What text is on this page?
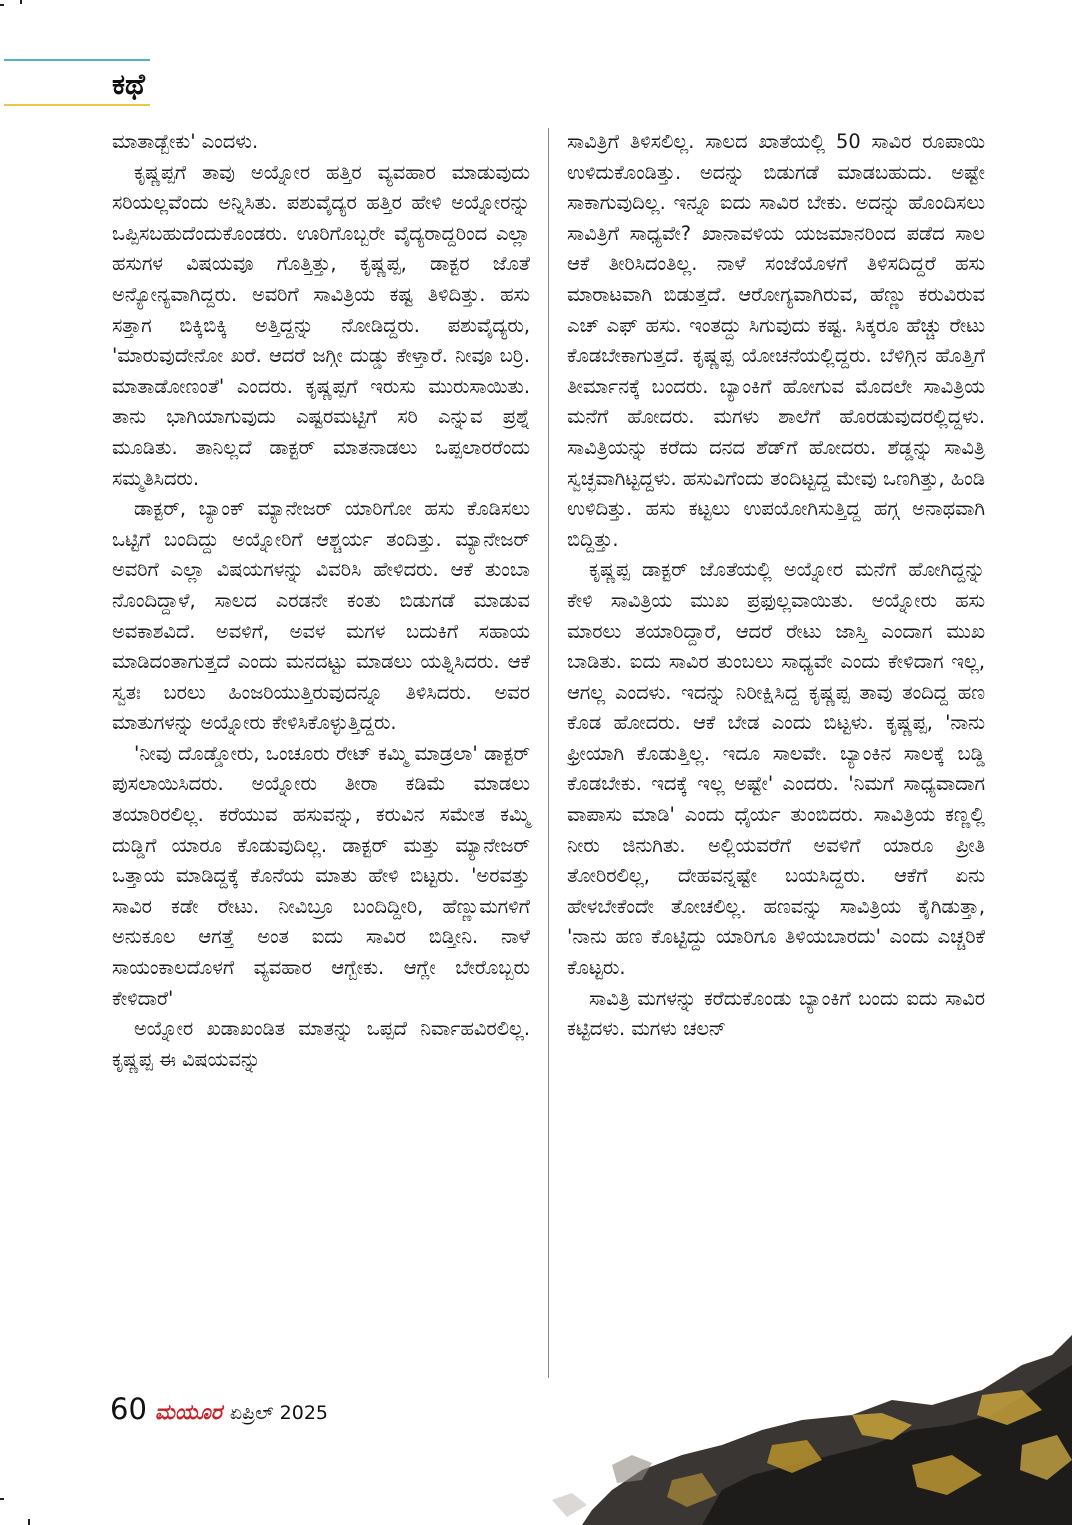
ಕಥೆ

ಮಾತಾಡ್ಬೇಕು' ಎಂದಳು.

ಕೃಷ್ಣಪ್ಪಗೆ ತಾವು ಅಯ್ನೋರ ಹತ್ತಿರ ವ್ಯವಹಾರ ಮಾಡುವುದು ಸರಿಯಲ್ಲವೆಂದು ಅನ್ನಿಸಿತು. ಪಶುವೈದ್ಯರ ಹತ್ತಿರ ಹೇಳಿ ಅಯ್ನೋರನ್ನು ಒಪ್ಪಿಸಬಹುದೆಂದುಕೊಂಡರು. ಊರಿಗೊಬ್ಬರೇ ವೈದ್ಯರಾದ್ದರಿಂದ ಎಲ್ಲಾ ಹಸುಗಳ ವಿಷಯವೂ ಗೊತ್ತಿತ್ತು, ಕೃಷ್ಣಪ್ಪ, ಡಾಕ್ಟರ ಜೊತೆ ಅನ್ಯೋನ್ಯವಾಗಿದ್ದರು. ಅವರಿಗೆ ಸಾವಿತ್ರಿಯ ಕಷ್ಟ ತಿಳಿದಿತ್ತು. ಹಸು ಸತ್ತಾಗ ಬಿಕ್ಕಿಬಿಕ್ಕಿ ಅತ್ತಿದ್ದನ್ನು ನೋಡಿದ್ದರು. ಪಶುವೈದ್ಯರು, 'ಮಾರುವುದೇನೋ ಖರೆ. ಆದರೆ ಜಗ್ಗೀ ದುಡ್ಡು ಕೇಳ್ತಾರೆ. ನೀವೂ ಬರ್ರಿ. ಮಾತಾಡೋಣಂತೆ' ಎಂದರು. ಕೃಷ್ಣಪ್ಪಗೆ ಇರುಸು ಮುರುಸಾಯಿತು. ತಾನು ಭಾಗಿಯಾಗುವುದು ಎಷ್ಟರಮಟ್ಟಿಗೆ ಸರಿ ಎನ್ನುವ ಪ್ರಶ್ನೆ ಮೂಡಿತು. ತಾನಿಲ್ಲದೆ ಡಾಕ್ಟರ್ ಮಾತನಾಡಲು ಒಪ್ಪಲಾರರೆಂದು ಸಮ್ಮತಿಸಿದರು.

ಡಾಕ್ಟರ್, ಬ್ಯಾಂಕ್ ಮ್ಯಾನೇಜರ್ ಯಾರಿಗೋ ಹಸು ಕೊಡಿಸಲು ಒಟ್ಟಿಗೆ ಬಂದಿದ್ದು ಅಯ್ನೋರಿಗೆ ಆಶ್ಚರ್ಯ ತಂದಿತ್ತು. ಮ್ಯಾನೇಜರ್ ಅವರಿಗೆ ಎಲ್ಲಾ ವಿಷಯಗಳನ್ನು ವಿವರಿಸಿ ಹೇಳಿದರು. ಆಕೆ ತುಂಬಾ ನೊಂದಿದ್ದಾಳೆ, ಸಾಲದ ಎರಡನೇ ಕಂತು ಬಿಡುಗಡೆ ಮಾಡುವ ಅವಕಾಶವಿದೆ. ಅವಳಿಗೆ, ಅವಳ ಮಗಳ ಬದುಕಿಗೆ ಸಹಾಯ ಮಾಡಿದಂತಾಗುತ್ತದೆ ಎಂದು ಮನದಟ್ಟು ಮಾಡಲು ಯತ್ನಿಸಿದರು. ಆಕೆ ಸ್ವತಃ ಬರಲು ಹಿಂಜರಿಯುತ್ತಿರುವುದನ್ನೂ ತಿಳಿಸಿದರು. ಅವರ ಮಾತುಗಳನ್ನು ಅಯ್ನೋರು ಕೇಳಿಸಿಕೊಳ್ಳುತ್ತಿದ್ದರು.

'ನೀವು ದೊಡ್ಡೋರು, ಒಂಚೂರು ರೇಟ್ ಕಮ್ಮಿ ಮಾಡ್ರಲಾ' ಡಾಕ್ಟರ್ ಪುಸಲಾಯಿಸಿದರು. ಅಯ್ನೋರು ತೀರಾ ಕಡಿಮೆ ಮಾಡಲು ತಯಾರಿರಲಿಲ್ಲ. ಕರೆಯುವ ಹಸುವನ್ನು, ಕರುವಿನ ಸಮೇತ ಕಮ್ಮಿ ದುಡ್ಡಿಗೆ ಯಾರೂ ಕೊಡುವುದಿಲ್ಲ. ಡಾಕ್ಟರ್ ಮತ್ತು ಮ್ಯಾನೇಜರ್ ಒತ್ತಾಯ ಮಾಡಿದ್ದಕ್ಕೆ ಕೊನೆಯ ಮಾತು ಹೇಳಿ ಬಿಟ್ಟರು. 'ಅರವತ್ತು ಸಾವಿರ ಕಡೇ ರೇಟು. ನೀವಿಬ್ರೂ ಬಂದಿದ್ದೀರಿ, ಹೆಣ್ಣುಮಗಳಿಗೆ ಅನುಕೂಲ ಆಗತ್ತೆ ಅಂತ ಐದು ಸಾವಿರ ಬಿಡ್ತೀನಿ. ನಾಳೆ ಸಾಯಂಕಾಲದೊಳಗೆ ವ್ಯವಹಾರ ಆಗ್ಬೇಕು. ಆಗ್ಲೇ ಬೇರೊಬ್ಬರು ಕೇಳಿದಾರೆ'

ಅಯ್ನೋರ ಖಡಾಖಂಡಿತ ಮಾತನ್ನು ಒಪ್ಪದೆ ನಿರ್ವಾಹವಿರಲಿಲ್ಲ. ಕೃಷ್ಣಪ್ಪ ಈ ವಿಷಯವನ್ನು

ಸಾವಿತ್ರಿಗೆ ತಿಳಿಸಲಿಲ್ಲ. ಸಾಲದ ಖಾತೆಯಲ್ಲಿ 50 ಸಾವಿರ ರೂಪಾಯಿ ಉಳಿದುಕೊಂಡಿತ್ತು. ಅದನ್ನು ಬಿಡುಗಡೆ ಮಾಡಬಹುದು. ಅಷ್ಟೇ ಸಾಕಾಗುವುದಿಲ್ಲ. ಇನ್ನೂ ಐದು ಸಾವಿರ ಬೇಕು. ಅದನ್ನು ಹೊಂದಿಸಲು ಸಾವಿತ್ರಿಗೆ ಸಾಧ್ಯವೇ? ಖಾನಾವಳಿಯ ಯಜಮಾನರಿಂದ ಪಡೆದ ಸಾಲ ಆಕೆ ತೀರಿಸಿದಂತಿಲ್ಲ. ನಾಳೆ ಸಂಜೆಯೊಳಗೆ ತಿಳಿಸದಿದ್ದರೆ ಹಸು ಮಾರಾಟವಾಗಿ ಬಿಡುತ್ತದೆ. ಆರೋಗ್ಯವಾಗಿರುವ, ಹೆಣ್ಣು ಕರುವಿರುವ ಎಚ್ ಎಫ್ ಹಸು. ಇಂತದ್ದು ಸಿಗುವುದು ಕಷ್ಟ. ಸಿಕ್ಕರೂ ಹೆಚ್ಚು ರೇಟು ಕೊಡಬೇಕಾಗುತ್ತದೆ. ಕೃಷ್ಣಪ್ಪ ಯೋಚನೆಯಲ್ಲಿದ್ದರು. ಬೆಳಿಗ್ಗಿನ ಹೊತ್ತಿಗೆ ತೀರ್ಮಾನಕ್ಕೆ ಬಂದರು. ಬ್ಯಾಂಕಿಗೆ ಹೋಗುವ ಮೊದಲೇ ಸಾವಿತ್ರಿಯ ಮನೆಗೆ ಹೋದರು. ಮಗಳು ಶಾಲೆಗೆ ಹೊರಡುವುದರಲ್ಲಿದ್ದಳು. ಸಾವಿತ್ರಿಯನ್ನು ಕರೆದು ದನದ ಶೆಡ್‌ಗೆ ಹೋದರು. ಶೆಡ್ಡನ್ನು ಸಾವಿತ್ರಿ ಸ್ವಚ್ಛವಾಗಿಟ್ಟದ್ದಳು. ಹಸುವಿಗೆಂದು ತಂದಿಟ್ಟದ್ದ ಮೇವು ಒಣಗಿತ್ತು, ಹಿಂಡಿ ಉಳಿದಿತ್ತು. ಹಸು ಕಟ್ಟಲು ಉಪಯೋಗಿಸುತ್ತಿದ್ದ ಹಗ್ಗ ಅನಾಥವಾಗಿ ಬಿದ್ದಿತ್ತು.

ಕೃಷ್ಣಪ್ಪ ಡಾಕ್ಟರ್ ಜೊತೆಯಲ್ಲಿ ಅಯ್ನೋರ ಮನೆಗೆ ಹೋಗಿದ್ದನ್ನು ಕೇಳಿ ಸಾವಿತ್ರಿಯ ಮುಖ ಪ್ರಫುಲ್ಲವಾಯಿತು. ಅಯ್ನೋರು ಹಸು ಮಾರಲು ತಯಾರಿದ್ದಾರೆ, ಆದರೆ ರೇಟು ಜಾಸ್ತಿ ಎಂದಾಗ ಮುಖ ಬಾಡಿತು. ಐದು ಸಾವಿರ ತುಂಬಲು ಸಾಧ್ಯವೇ ಎಂದು ಕೇಳಿದಾಗ ಇಲ್ಲ, ಆಗಲ್ಲ ಎಂದಳು. ಇದನ್ನು ನಿರೀಕ್ಷಿಸಿದ್ದ ಕೃಷ್ಣಪ್ಪ ತಾವು ತಂದಿದ್ದ ಹಣ ಕೊಡ ಹೋದರು. ಆಕೆ ಬೇಡ ಎಂದು ಬಿಟ್ಟಳು. ಕೃಷ್ಣಪ್ಪ, 'ನಾನು ಫ್ರೀಯಾಗಿ ಕೊಡುತ್ತಿಲ್ಲ. ಇದೂ ಸಾಲವೇ. ಬ್ಯಾಂಕಿನ ಸಾಲಕ್ಕೆ ಬಡ್ಡಿ ಕೊಡಬೇಕು. ಇದಕ್ಕೆ ಇಲ್ಲ ಅಷ್ಟೇ' ಎಂದರು. 'ನಿಮಗೆ ಸಾಧ್ಯವಾದಾಗ ವಾಪಾಸು ಮಾಡಿ' ಎಂದು ಧೈರ್ಯ ತುಂಬಿದರು. ಸಾವಿತ್ರಿಯ ಕಣ್ಣಲ್ಲಿ ನೀರು ಜಿನುಗಿತು. ಅಲ್ಲಿಯವರೆಗೆ ಅವಳಿಗೆ ಯಾರೂ ಪ್ರೀತಿ ತೋರಿರಲಿಲ್ಲ, ದೇಹವನ್ನಷ್ಟೇ ಬಯಸಿದ್ದರು. ಆಕೆಗೆ ಏನು ಹೇಳಬೇಕೆಂದೇ ತೋಚಲಿಲ್ಲ. ಹಣವನ್ನು ಸಾವಿತ್ರಿಯ ಕೈಗಿಡುತ್ತಾ, 'ನಾನು ಹಣ ಕೊಟ್ಟಿದ್ದು ಯಾರಿಗೂ ತಿಳಿಯಬಾರದು' ಎಂದು ಎಚ್ಚರಿಕೆ ಕೊಟ್ಟರು.

ಸಾವಿತ್ರಿ ಮಗಳನ್ನು ಕರೆದುಕೊಂಡು ಬ್ಯಾಂಕಿಗೆ ಬಂದು ಐದು ಸಾವಿರ ಕಟ್ಟಿದಳು. ಮಗಳು ಚಲನ್

60 ಮಯೂರ ಏಪ್ರಿಲ್ 2025
